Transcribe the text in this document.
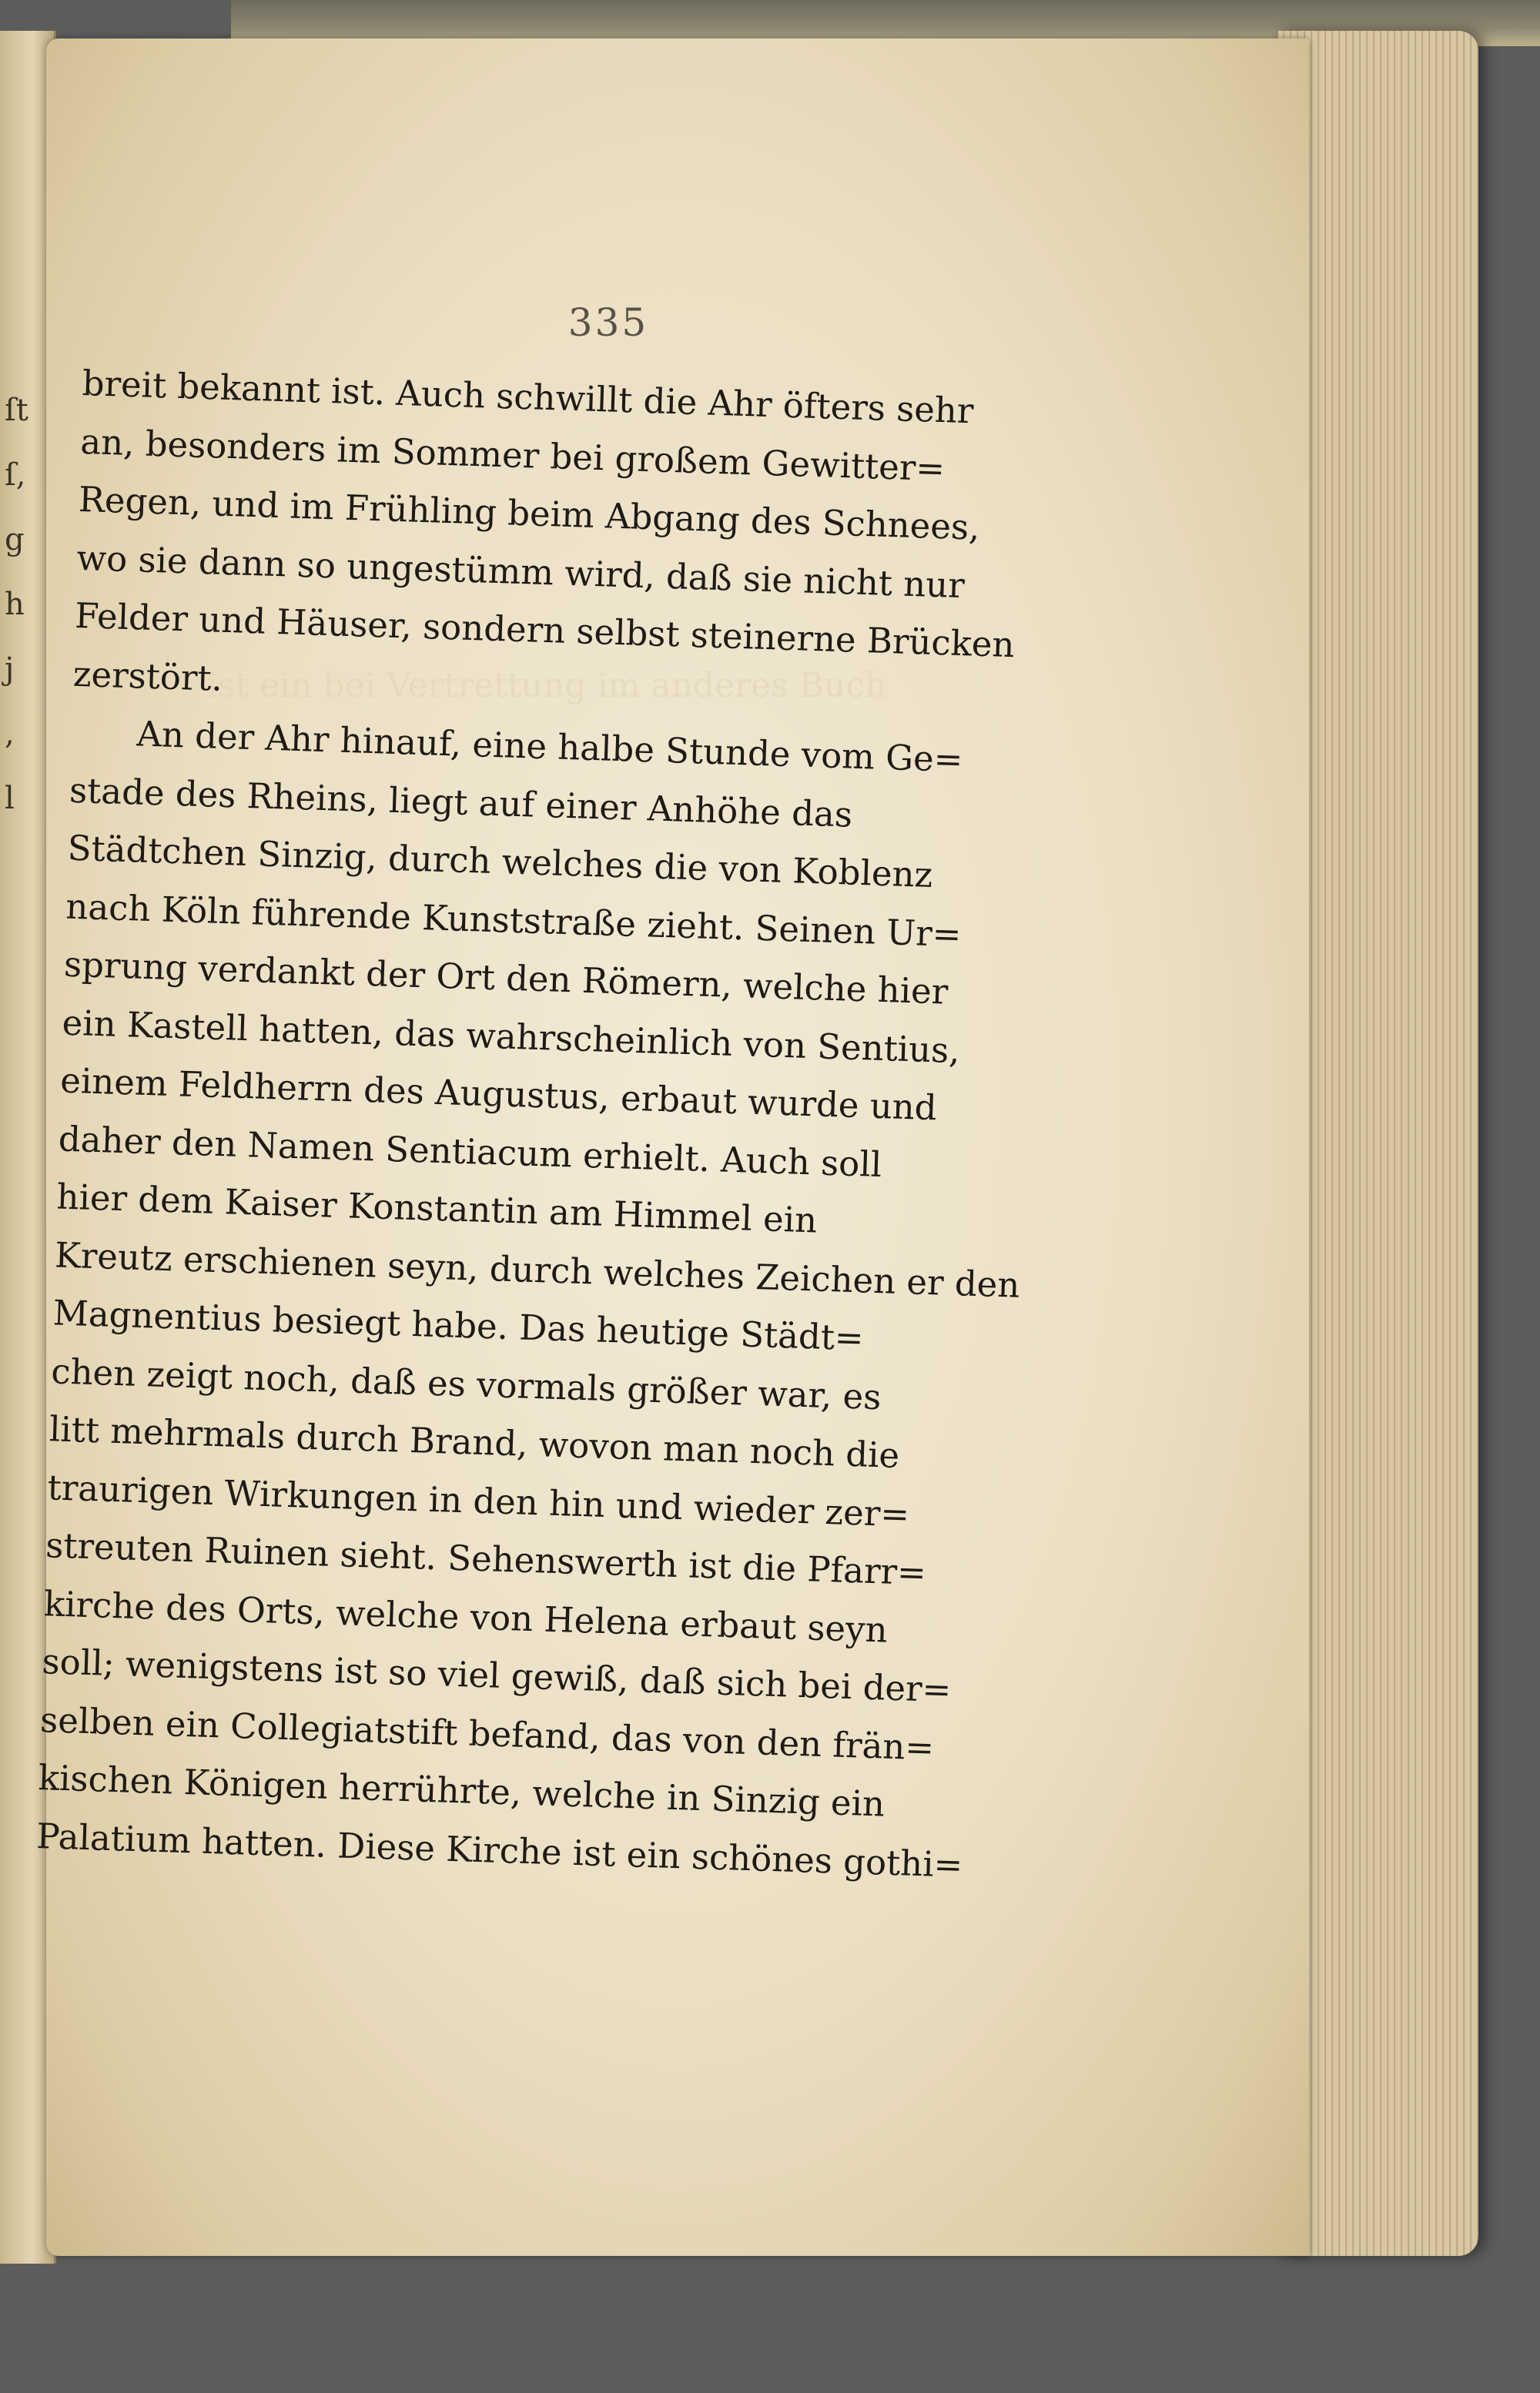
ſt
ſ,
g
h
j
,
l
335
ist ein bei Vertrettung im anderes Buch
breit bekannt ist. Auch schwillt die Ahr öfters sehr
an, besonders im Sommer bei großem Gewitter=
Regen, und im Frühling beim Abgang des Schnees,
wo sie dann so ungestümm wird, daß sie nicht nur
Felder und Häuser, sondern selbst steinerne Brücken
zerstört.
An der Ahr hinauf, eine halbe Stunde vom Ge=
stade des Rheins, liegt auf einer Anhöhe das
Städtchen Sinzig, durch welches die von Koblenz
nach Köln führende Kunststraße zieht. Seinen Ur=
sprung verdankt der Ort den Römern, welche hier
ein Kastell hatten, das wahrscheinlich von Sentius,
einem Feldherrn des Augustus, erbaut wurde und
daher den Namen Sentiacum erhielt. Auch soll
hier dem Kaiser Konstantin am Himmel ein
Kreutz erschienen seyn, durch welches Zeichen er den
Magnentius besiegt habe. Das heutige Städt=
chen zeigt noch, daß es vormals größer war, es
litt mehrmals durch Brand, wovon man noch die
traurigen Wirkungen in den hin und wieder zer=
streuten Ruinen sieht. Sehenswerth ist die Pfarr=
kirche des Orts, welche von Helena erbaut seyn
soll; wenigstens ist so viel gewiß, daß sich bei der=
selben ein Collegiatstift befand, das von den frän=
kischen Königen herrührte, welche in Sinzig ein
Palatium hatten. Diese Kirche ist ein schönes gothi=
